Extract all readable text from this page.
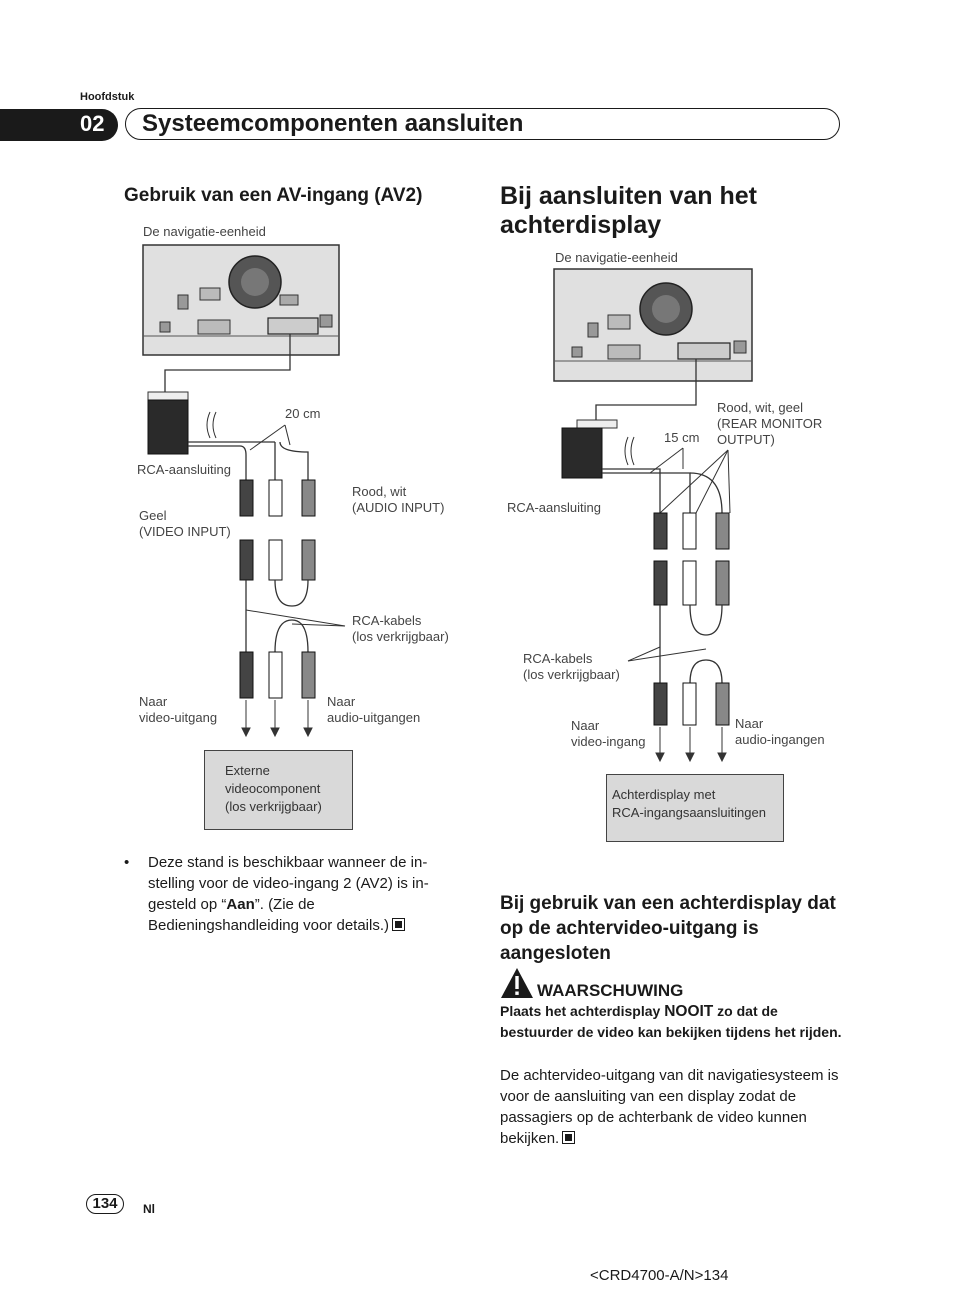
Hoofdstuk
02 Systeemcomponenten aansluiten
Gebruik van een AV-ingang (AV2)
De navigatie-eenheid
20 cm
RCA-aansluiting
Geel
(VIDEO INPUT)
Rood, wit
(AUDIO INPUT)
RCA-kabels
(los verkrijgbaar)
Naar
video-uitgang
Naar
audio-uitgangen
Externe
videocomponent
(los verkrijgbaar)
• Deze stand is beschikbaar wanneer de in-stelling voor de video-ingang 2 (AV2) is in-gesteld op “Aan”. (Zie de Bedieningshandleiding voor details.)
Bij aansluiten van het achterdisplay
De navigatie-eenheid
15 cm
Rood, wit, geel
(REAR MONITOR
OUTPUT)
RCA-aansluiting
RCA-kabels
(los verkrijgbaar)
Naar
video-ingang
Naar
audio-ingangen
Achterdisplay met
RCA-ingangsaansluitingen
Bij gebruik van een achterdisplay dat op de achtervideo-uitgang is aangesloten
WAARSCHUWING
Plaats het achterdisplay NOOIT zo dat de bestuurder de video kan bekijken tijdens het rijden.
De achtervideo-uitgang van dit navigatiesysteem is voor de aansluiting van een display zodat de passagiers op de achterbank de video kunnen bekijken.
134	Nl
<CRD4700-A/N>134
